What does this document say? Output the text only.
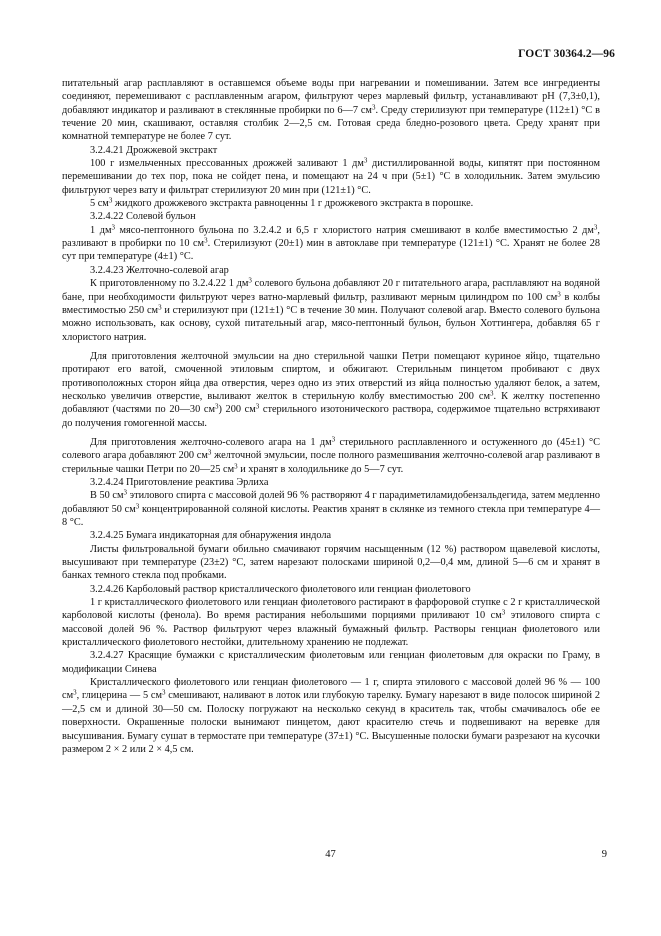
ГОСТ 30364.2—96

питательный агар расплавляют в оставшемся объеме воды при нагревании и помешивании. Затем все ингредиенты соединяют, перемешивают с расплавленным агаром, фильтруют через марлевый фильтр, устанавливают pH (7,3±0,1), добавляют индикатор и разливают в стеклянные пробирки по 6—7 $см^3$. Среду стерилизуют при температуре (112±1) °C в течение 20 мин, скашивают, оставляя столбик 2—2,5 см. Готовая среда бледно-розового цвета. Среду хранят при комнатной температуре не более 7 сут.

3.2.4.21 Дрожжевой экстракт

100 г измельченных прессованных дрожжей заливают 1 $дм^3$ дистиллированной воды, кипятят при постоянном перемешивании до тех пор, пока не сойдет пена, и помещают на 24 ч при (5±1) °C в холодильник. Затем эмульсию фильтруют через вату и фильтрат стерилизуют 20 мин при (121±1) °C.

5 $см^3$ жидкого дрожжевого экстракта равноценны 1 г дрожжевого экстракта в порошке.

3.2.4.22 Солевой бульон

1 $дм^3$ мясо-пептонного бульона по 3.2.4.2 и 6,5 г хлористого натрия смешивают в колбе вместимостью 2 $дм^3$, разливают в пробирки по 10 $см^3$. Стерилизуют (20±1) мин в автоклаве при температуре (121±1) °C. Хранят не более 28 сут при температуре (4±1) °C.

3.2.4.23 Желточно-солевой агар

К приготовленному по 3.2.4.22 1 $дм^3$ солевого бульона добавляют 20 г питательного агара, расплавляют на водяной бане, при необходимости фильтруют через ватно-марлевый фильтр, разливают мерным цилиндром по 100 $см^3$ в колбы вместимостью 250 $см^3$ и стерилизуют при (121±1) °C в течение 30 мин. Получают солевой агар. Вместо солевого бульона можно использовать, как основу, сухой питательный агар, мясо-пептонный бульон, бульон Хоттингера, добавляя 65 г хлористого натрия.

Для приготовления желточной эмульсии на дно стерильной чашки Петри помещают куриное яйцо, тщательно протирают его ватой, смоченной этиловым спиртом, и обжигают. Стерильным пинцетом пробивают с двух противоположных сторон яйца два отверстия, через одно из этих отверстий из яйца полностью удаляют белок, а затем, несколько увеличив отверстие, выливают желток в стерильную колбу вместимостью 200 $см^3$. К желтку постепенно добавляют (частями по 20—30 $см^3$) 200 $см^3$ стерильного изотонического раствора, содержимое тщательно встряхивают до получения гомогенной массы.

Для приготовления желточно-солевого агара на 1 $дм^3$ стерильного расплавленного и остуженного до (45±1) °C солевого агара добавляют 200 $см^3$ желточной эмульсии, после полного размешивания желточно-солевой агар разливают в стерильные чашки Петри по 20—25 $см^3$ и хранят в холодильнике до 5—7 сут.

3.2.4.24 Приготовление реактива Эрлиха

В 50 $см^3$ этилового спирта с массовой долей 96 % растворяют 4 г парадиметиламидобензальдегида, затем медленно добавляют 50 $см^3$ концентрированной соляной кислоты. Реактив хранят в склянке из темного стекла при температуре 4—8 °C.

3.2.4.25 Бумага индикаторная для обнаружения индола

Листы фильтровальной бумаги обильно смачивают горячим насыщенным (12 %) раствором щавелевой кислоты, высушивают при температуре (23±2) °C, затем нарезают полосками шириной 0,2—0,4 мм, длиной 5—6 см и хранят в банках темного стекла под пробками.

3.2.4.26 Карболовый раствор кристаллического фиолетового или генциан фиолетового

1 г кристаллического фиолетового или генциан фиолетового растирают в фарфоровой ступке с 2 г кристаллической карболовой кислоты (фенола). Во время растирания небольшими порциями приливают 10 $см^3$ этилового спирта с массовой долей 96 %. Раствор фильтруют через влажный бумажный фильтр. Растворы генциан фиолетового или кристаллического фиолетового нестойки, длительному хранению не подлежат.

3.2.4.27 Красящие бумажки с кристаллическим фиолетовым или генциан фиолетовым для окраски по Граму, в модификации Синева

Кристаллического фиолетового или генциан фиолетового — 1 г, спирта этилового с массовой долей 96 % — 100 $см^3$, глицерина — 5 $см^3$ смешивают, наливают в лоток или глубокую тарелку. Бумагу нарезают в виде полосок шириной 2—2,5 см и длиной 30—50 см. Полоску погружают на несколько секунд в краситель так, чтобы смачивалось обе ее поверхности. Окрашенные полоски вынимают пинцетом, дают красителю стечь и подвешивают на веревке для высушивания. Бумагу сушат в термостате при температуре (37±1) °C. Высушенные полоски бумаги разрезают на кусочки размером 2 × 2 или 2 × 4,5 см.

47	9
